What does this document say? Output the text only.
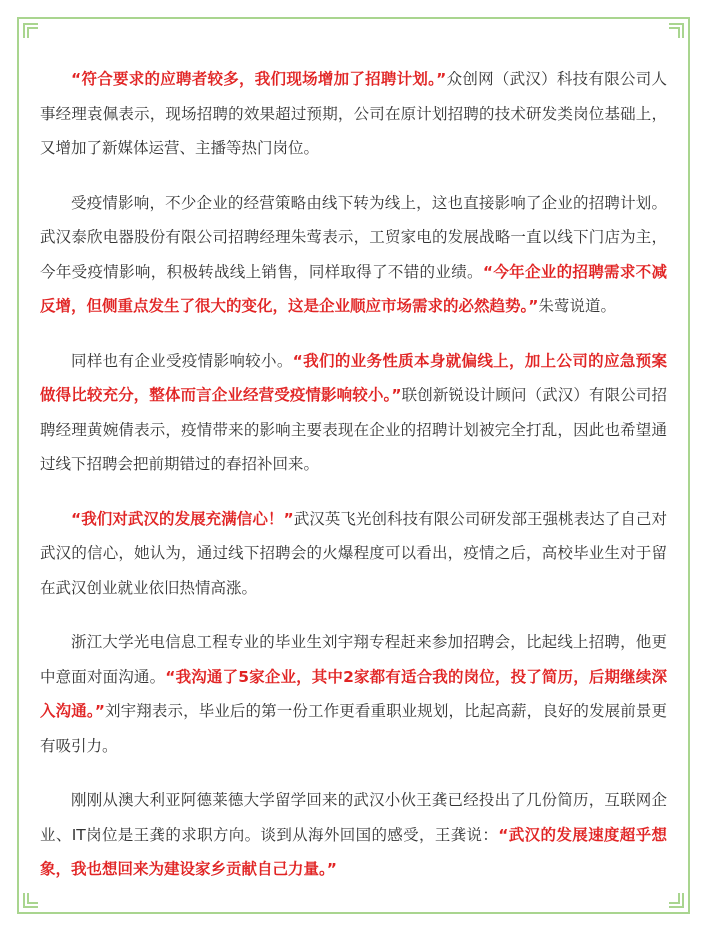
“符合要求的应聘者较多，我们现场增加了招聘计划。”众创网（武汉）科技有限公司人事经理袁佩表示，现场招聘的效果超过预期，公司在原计划招聘的技术研发类岗位基础上，又增加了新媒体运营、主播等热门岗位。

受疫情影响，不少企业的经营策略由线下转为线上，这也直接影响了企业的招聘计划。武汉泰欣电器股份有限公司招聘经理朱莺表示，工贸家电的发展战略一直以线下门店为主，今年受疫情影响，积极转战线上销售，同样取得了不错的业绩。“今年企业的招聘需求不减反增，但侧重点发生了很大的变化，这是企业顺应市场需求的必然趋势。”朱莺说道。

同样也有企业受疫情影响较小。“我们的业务性质本身就偏线上，加上公司的应急预案做得比较充分，整体而言企业经营受疫情影响较小。”联创新锐设计顾问（武汉）有限公司招聘经理黄婉倩表示，疫情带来的影响主要表现在企业的招聘计划被完全打乱，因此也希望通过线下招聘会把前期错过的春招补回来。

“我们对武汉的发展充满信心！”武汉英飞光创科技有限公司研发部王强桃表达了自己对武汉的信心，她认为，通过线下招聘会的火爆程度可以看出，疫情之后，高校毕业生对于留在武汉创业就业依旧热情高涨。

浙江大学光电信息工程专业的毕业生刘宇翔专程赶来参加招聘会，比起线上招聘，他更中意面对面沟通。“我沟通了5家企业，其中2家都有适合我的岗位，投了简历，后期继续深入沟通。”刘宇翔表示，毕业后的第一份工作更看重职业规划，比起高薪，良好的发展前景更有吸引力。

刚刚从澳大利亚阿德莱德大学留学回来的武汉小伙王龚已经投出了几份简历，互联网企业、IT岗位是王龚的求职方向。谈到从海外回国的感受，王龚说：“武汉的发展速度超乎想象，我也想回来为建设家乡贡献自己力量。”
